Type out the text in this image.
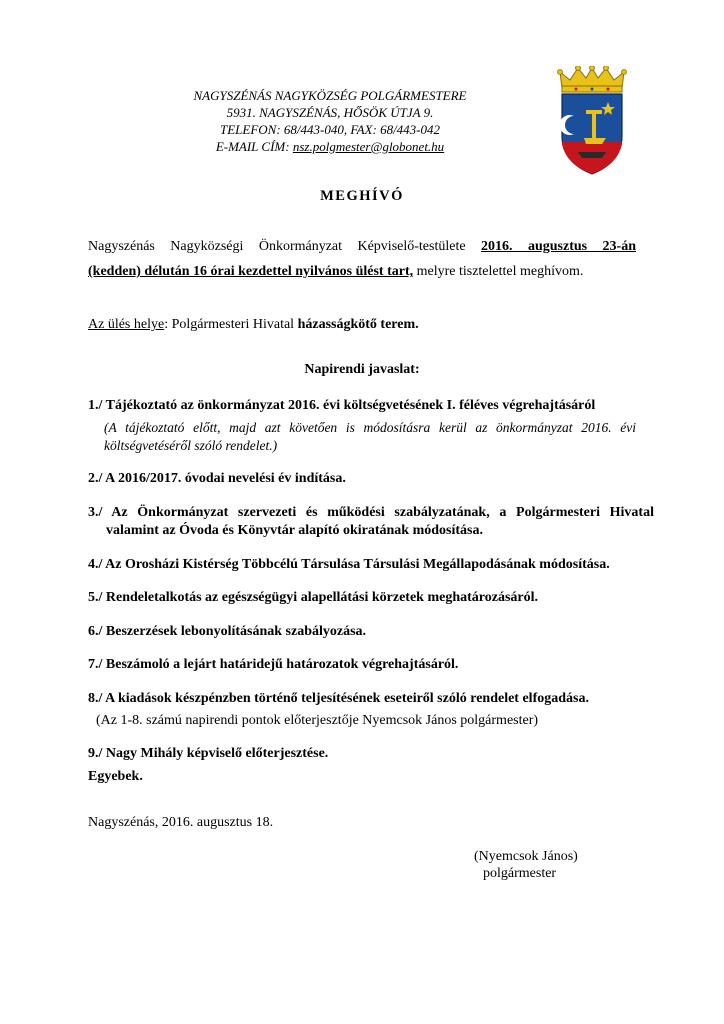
NAGYSZÉNÁS NAGYKÖZSÉG POLGÁRMESTERE
5931. NAGYSZÉNÁS, HŐSÖK ÚTJA 9.
TELEFON: 68/443-040, FAX: 68/443-042
E-MAIL CÍM: nsz.polgmester@globonet.hu
MEGHÍVÓ
Nagyszénás Nagyközségi Önkormányzat Képviselő-testülete 2016. augusztus 23-án
(kedden) délután 16 órai kezdettel nyilvános ülést tart, melyre tisztelettel meghívom.
Az ülés helye: Polgármesteri Hivatal házasságkötő terem.
Napirendi javaslat:
1./ Tájékoztató az önkormányzat 2016. évi költségvetésének I. féléves végrehajtásáról
(A tájékoztató előtt, majd azt követően is módosításra kerül az önkormányzat 2016. évi költségvetéséről szóló rendelet.)
2./ A 2016/2017. óvodai nevelési év indítása.
3./ Az Önkormányzat szervezeti és működési szabályzatának, a Polgármesteri Hivatal valamint az Óvoda és Könyvtár alapító okiratának módosítása.
4./ Az Orosházi Kistérség Többcélú Társulása Társulási Megállapodásának módosítása.
5./ Rendeletalkotás az egészségügyi alapellátási körzetek meghatározásáról.
6./ Beszerzések lebonyolításának szabályozása.
7./ Beszámoló a lejárt határidejű határozatok végrehajtásáról.
8./ A kiadások készpénzben történő teljesítésének eseteiről szóló rendelet elfogadása.
(Az 1-8. számú napirendi pontok előterjesztője Nyemcsok János polgármester)
9./ Nagy Mihály képviselő előterjesztése.
Egyebek.
Nagyszénás, 2016. augusztus 18.
(Nyemcsok János)
polgármester
